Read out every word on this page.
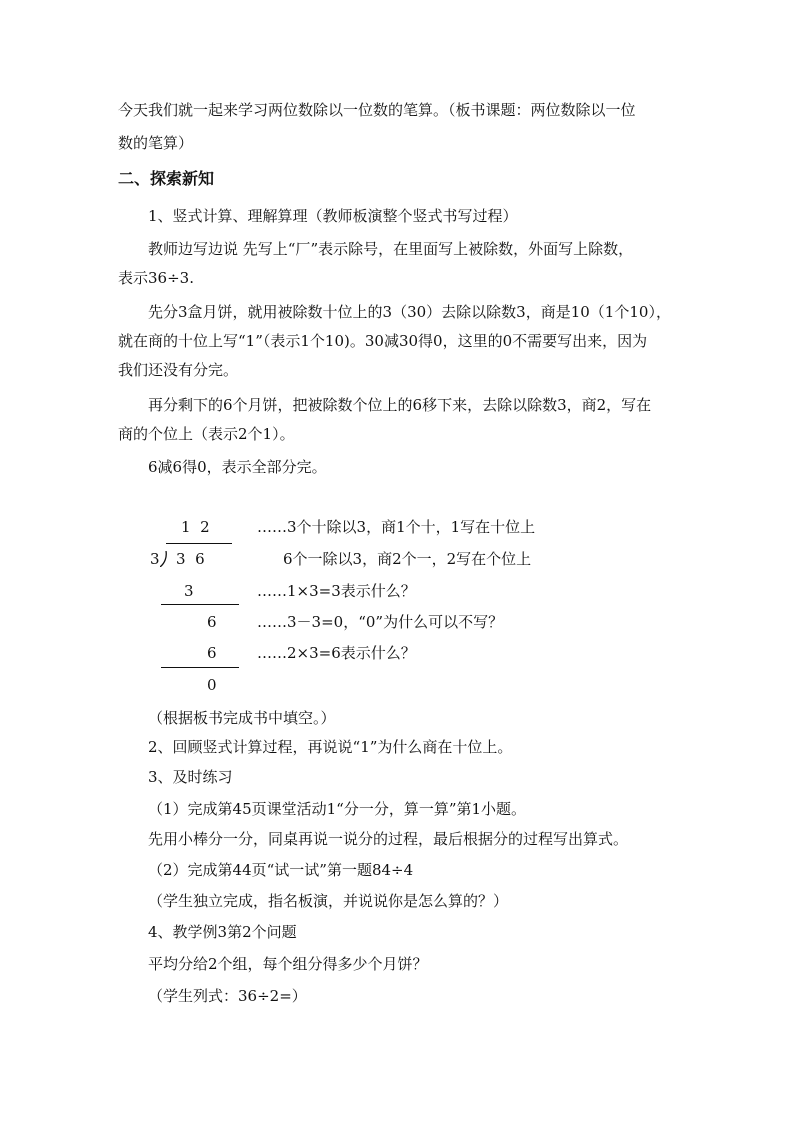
今天我们就一起来学习两位数除以一位数的笔算。（板书课题：两位数除以一位
数的笔算）
二、探索新知
1、竖式计算、理解算理（教师板演整个竖式书写过程）
教师边写边说 先写上“厂”表示除号，在里面写上被除数，外面写上除数，
表示36÷3.
先分3盒月饼，就用被除数十位上的3（30）去除以除数3，商是10（1个10），
就在商的十位上写“1”（表示1个10)。30减30得0，这里的0不需要写出来，因为
我们还没有分完。
再分剩下的6个月饼，把被除数个位上的6移下来，去除以除数3，商2，写在
商的个位上（表示2个1）。
6减6得0，表示全部分完。
1  2
3 3  6
3
6
6
0
……3个十除以3，商1个十，1写在十位上
6个一除以3，商2个一，2写在个位上
……1×3=3表示什么？
……3－3=0，“0”为什么可以不写？
……2×3=6表示什么？
（根据板书完成书中填空。）
2、回顾竖式计算过程，再说说“1”为什么商在十位上。
3、及时练习
（1）完成第45页课堂活动1“分一分，算一算”第1小题。
先用小棒分一分，同桌再说一说分的过程，最后根据分的过程写出算式。
（2）完成第44页“试一试”第一题84÷4
（学生独立完成，指名板演，并说说你是怎么算的？）
4、教学例3第2个问题
平均分给2个组，每个组分得多少个月饼？
（学生列式：36÷2=）
